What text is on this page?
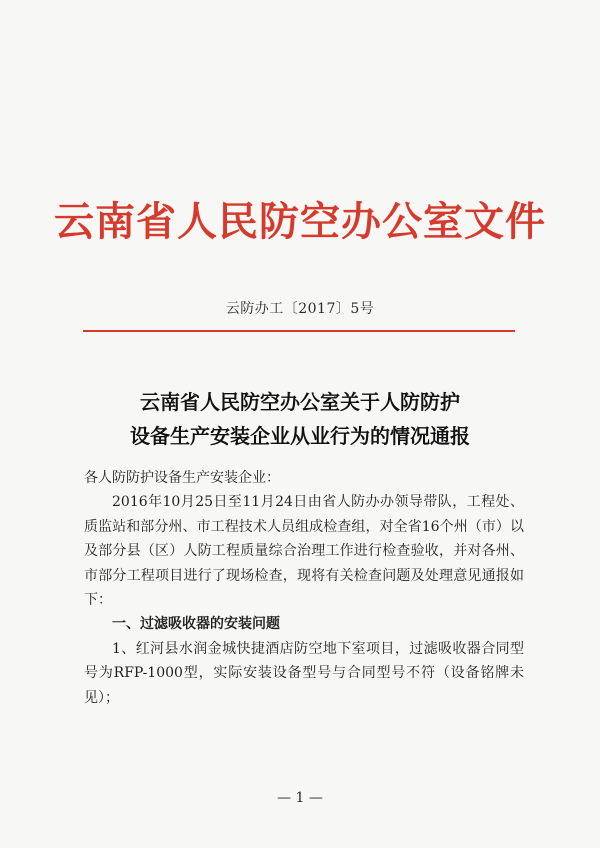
云南省人民防空办公室文件
云防办工〔2017〕5号
云南省人民防空办公室关于人防防护
设备生产安装企业从业行为的情况通报

各人防防护设备生产安装企业：

2016年10月25日至11月24日由省人防办办领导带队，工程处、质监站和部分州、市工程技术人员组成检查组，对全省16个州（市）以及部分县（区）人防工程质量综合治理工作进行检查验收，并对各州、市部分工程项目进行了现场检查，现将有关检查问题及处理意见通报如下：

一、过滤吸收器的安装问题

1、红河县水润金城快捷酒店防空地下室项目，过滤吸收器合同型号为RFP-1000型，实际安装设备型号与合同型号不符（设备铭牌未见）；

— 1 —
